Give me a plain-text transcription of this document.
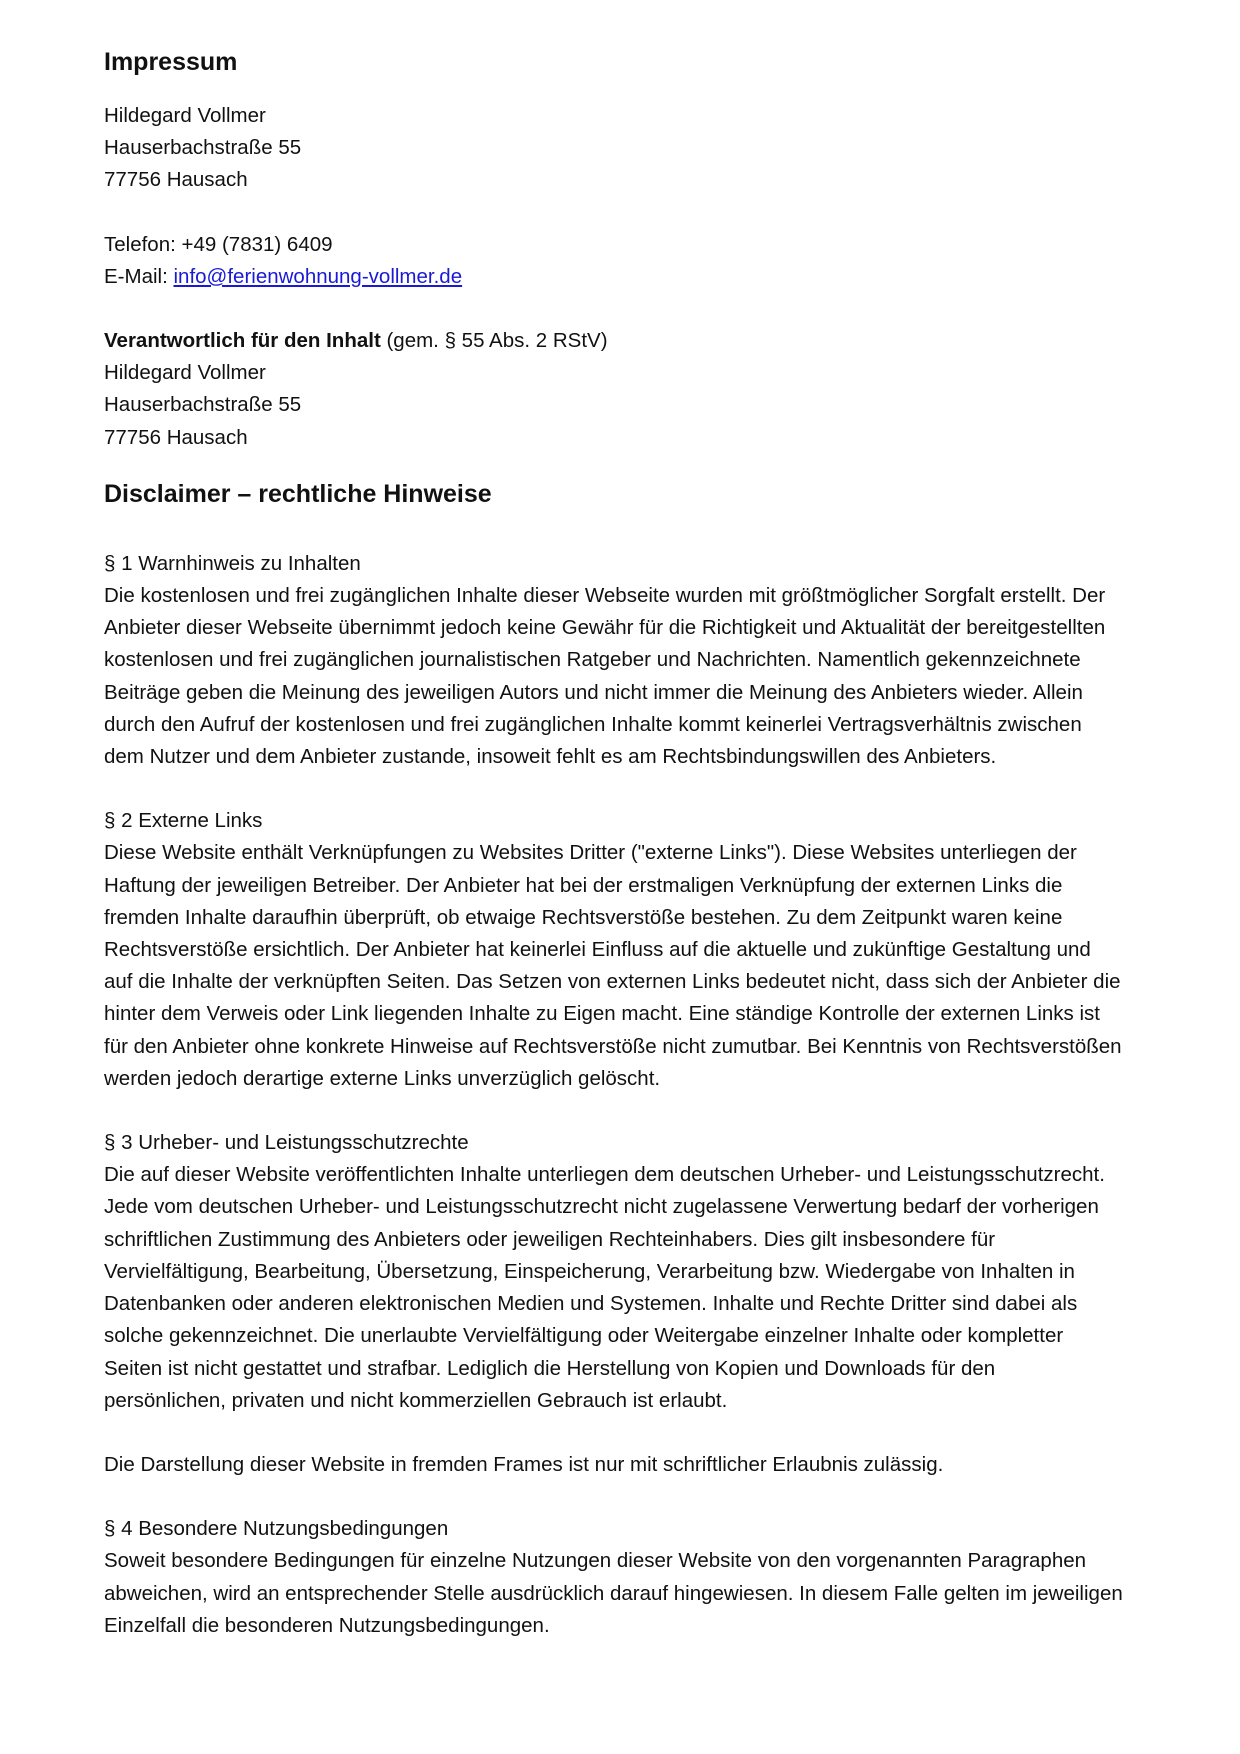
Impressum
Hildegard Vollmer
Hauserbachstraße 55
77756 Hausach
Telefon: +49 (7831) 6409
E-Mail: info@ferienwohnung-vollmer.de
Verantwortlich für den Inhalt (gem. § 55 Abs. 2 RStV)
Hildegard Vollmer
Hauserbachstraße 55
77756 Hausach
Disclaimer – rechtliche Hinweise
§ 1 Warnhinweis zu Inhalten
Die kostenlosen und frei zugänglichen Inhalte dieser Webseite wurden mit größtmöglicher Sorgfalt erstellt. Der
Anbieter dieser Webseite übernimmt jedoch keine Gewähr für die Richtigkeit und Aktualität der bereitgestellten
kostenlosen und frei zugänglichen journalistischen Ratgeber und Nachrichten. Namentlich gekennzeichnete
Beiträge geben die Meinung des jeweiligen Autors und nicht immer die Meinung des Anbieters wieder. Allein
durch den Aufruf der kostenlosen und frei zugänglichen Inhalte kommt keinerlei Vertragsverhältnis zwischen
dem Nutzer und dem Anbieter zustande, insoweit fehlt es am Rechtsbindungswillen des Anbieters.
§ 2 Externe Links
Diese Website enthält Verknüpfungen zu Websites Dritter ("externe Links"). Diese Websites unterliegen der
Haftung der jeweiligen Betreiber. Der Anbieter hat bei der erstmaligen Verknüpfung der externen Links die
fremden Inhalte daraufhin überprüft, ob etwaige Rechtsverstöße bestehen. Zu dem Zeitpunkt waren keine
Rechtsverstöße ersichtlich. Der Anbieter hat keinerlei Einfluss auf die aktuelle und zukünftige Gestaltung und
auf die Inhalte der verknüpften Seiten. Das Setzen von externen Links bedeutet nicht, dass sich der Anbieter die
hinter dem Verweis oder Link liegenden Inhalte zu Eigen macht. Eine ständige Kontrolle der externen Links ist
für den Anbieter ohne konkrete Hinweise auf Rechtsverstöße nicht zumutbar. Bei Kenntnis von Rechtsverstößen
werden jedoch derartige externe Links unverzüglich gelöscht.
§ 3 Urheber- und Leistungsschutzrechte
Die auf dieser Website veröffentlichten Inhalte unterliegen dem deutschen Urheber- und Leistungsschutzrecht.
Jede vom deutschen Urheber- und Leistungsschutzrecht nicht zugelassene Verwertung bedarf der vorherigen
schriftlichen Zustimmung des Anbieters oder jeweiligen Rechteinhabers. Dies gilt insbesondere für
Vervielfältigung, Bearbeitung, Übersetzung, Einspeicherung, Verarbeitung bzw. Wiedergabe von Inhalten in
Datenbanken oder anderen elektronischen Medien und Systemen. Inhalte und Rechte Dritter sind dabei als
solche gekennzeichnet. Die unerlaubte Vervielfältigung oder Weitergabe einzelner Inhalte oder kompletter
Seiten ist nicht gestattet und strafbar. Lediglich die Herstellung von Kopien und Downloads für den
persönlichen, privaten und nicht kommerziellen Gebrauch ist erlaubt.
Die Darstellung dieser Website in fremden Frames ist nur mit schriftlicher Erlaubnis zulässig.
§ 4 Besondere Nutzungsbedingungen
Soweit besondere Bedingungen für einzelne Nutzungen dieser Website von den vorgenannten Paragraphen
abweichen, wird an entsprechender Stelle ausdrücklich darauf hingewiesen. In diesem Falle gelten im jeweiligen
Einzelfall die besonderen Nutzungsbedingungen.
